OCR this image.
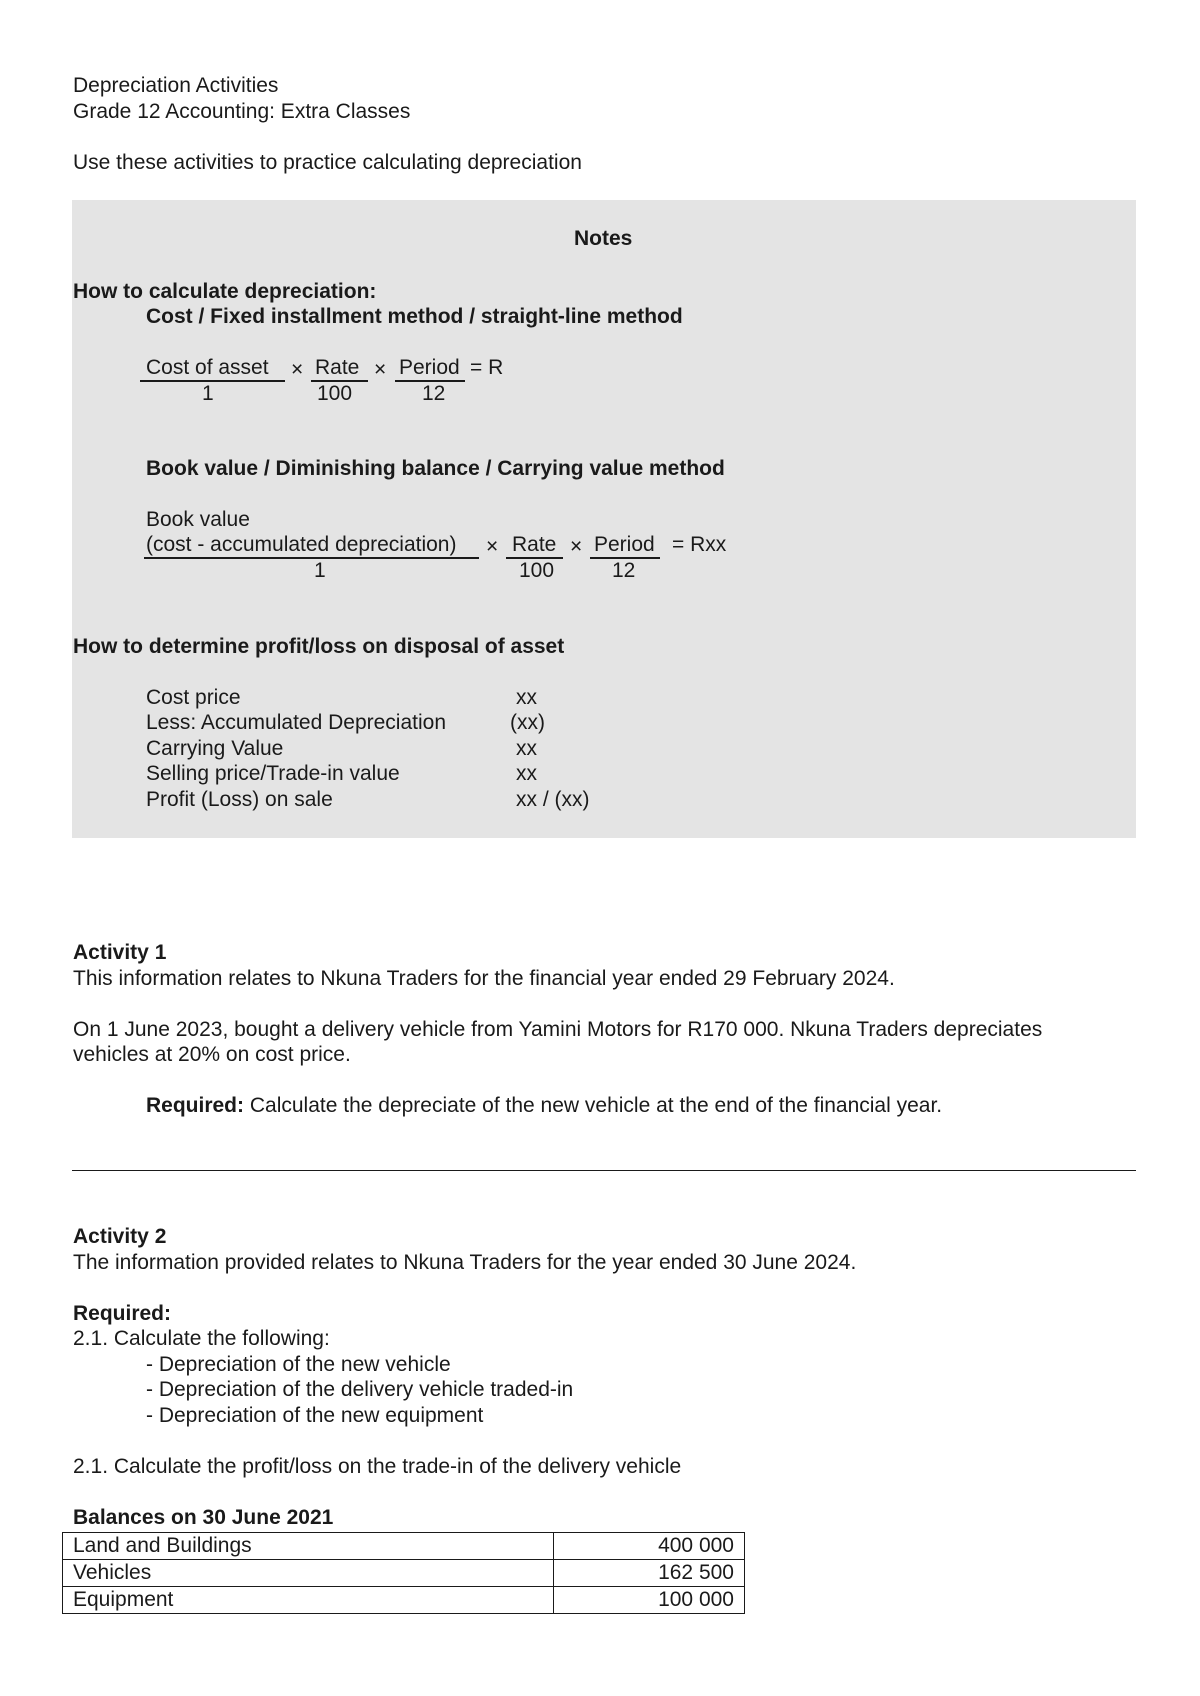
Depreciation Activities
Grade 12 Accounting: Extra Classes
Use these activities to practice calculating depreciation
Notes
How to calculate depreciation:
Cost / Fixed installment method / straight-line method
Cost of asset × Rate × Period = R
1	100	12
Book value / Diminishing balance / Carrying value method
Book value
(cost - accumulated depreciation) × Rate × Period = Rxx
1	100	12
How to determine profit/loss on disposal of asset
Cost price	xx
Less: Accumulated Depreciation	(xx)
Carrying Value	xx
Selling price/Trade-in value	xx
Profit (Loss) on sale	xx / (xx)
Activity 1
This information relates to Nkuna Traders for the financial year ended 29 February 2024.
On 1 June 2023, bought a delivery vehicle from Yamini Motors for R170 000. Nkuna Traders depreciates
vehicles at 20% on cost price.
Required: Calculate the depreciate of the new vehicle at the end of the financial year.
Activity 2
The information provided relates to Nkuna Traders for the year ended 30 June 2024.
Required:
2.1. Calculate the following:
- Depreciation of the new vehicle
- Depreciation of the delivery vehicle traded-in
- Depreciation of the new equipment
2.1. Calculate the profit/loss on the trade-in of the delivery vehicle
Balances on 30 June 2021
Land and Buildings	400 000
Vehicles	162 500
Equipment	100 000
